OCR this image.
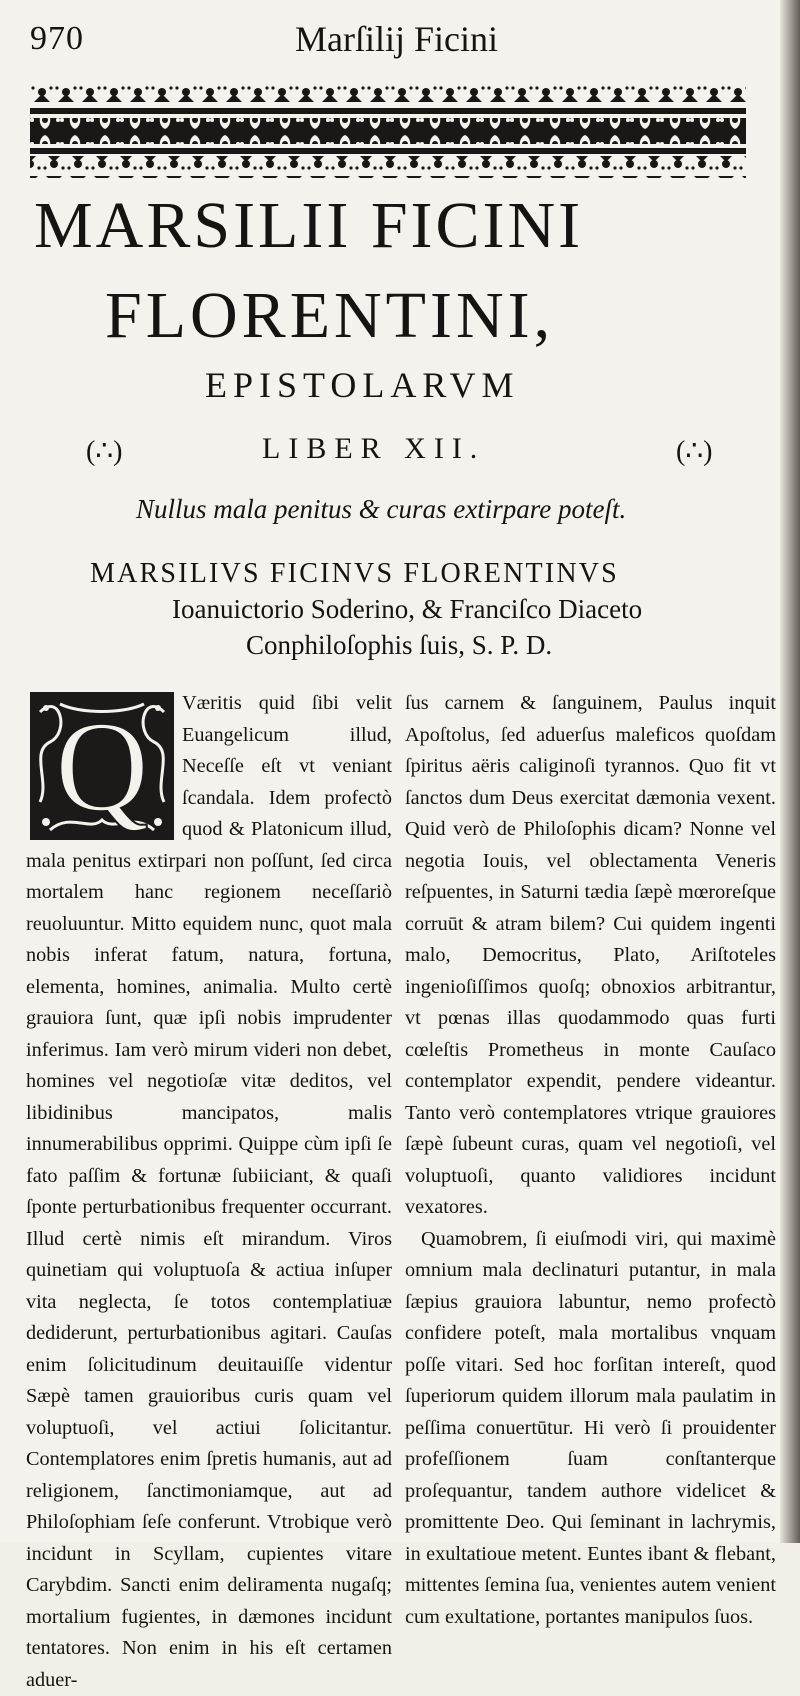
970	Marſilij Ficini
MARSILII FICINI
FLORENTINI,
EPISTOLARVM
(∴)	LIBER XII.	(∴)
Nullus mala penitus & curas extirpare poteſt.
MARSILIVS FICINVS FLORENTINVS
Ioanuictorio Soderino, & Franciſco Diaceto
Conphiloſophis ſuis, S. P. D.
Q	Væritis quid ſibi velit Euangelicum illud, Neceſſe eſt vt veniant ſcandala. Idem profectò quod & Platonicum illud, mala penitus extirpari non poſſunt, ſed circa mortalem hanc regionem neceſſariò reuoluuntur. Mitto equidem nunc, quot mala nobis inferat fatum, natura, fortuna, elementa, homines, animalia. Multo certè grauiora ſunt, quæ ipſi nobis imprudenter inferimus. Iam verò mirum videri non debet, homines vel negotioſæ vitæ deditos, vel libidinibus mancipatos, malis innumerabilibus opprimi. Quippe cùm ipſi ſe fato paſſim & fortunæ ſubiiciant, & quaſi ſponte perturbationibus frequenter occurrant. Illud certè nimis eſt mirandum. Viros quinetiam qui voluptuoſa & actiua inſuper vita neglecta, ſe totos contemplatiuæ dediderunt, perturbationibus agitari. Cauſas enim ſolicitudinum deuitauiſſe videntur Sæpè tamen grauioribus curis quam vel voluptuoſi, vel actiui ſolicitantur. Contemplatores enim ſpretis humanis, aut ad religionem, ſanctimoniamque, aut ad Philoſophiam ſeſe conferunt. Vtrobique verò incidunt in Scyllam, cupientes vitare Carybdim. Sancti enim deliramenta nugaſq; mortalium fugientes, in dæmones incidunt tentatores. Non enim in his eſt certamen aduer-

ſus carnem & ſanguinem, Paulus inquit Apoſtolus, ſed aduerſus maleficos quoſdam ſpiritus aëris caliginoſi tyrannos. Quo fit vt ſanctos dum Deus exercitat dæmonia vexent. Quid verò de Philoſophis dicam? Nonne vel negotia Iouis, vel oblectamenta Veneris reſpuentes, in Saturni tædia ſæpè mœroreſque corruūt & atram bilem? Cui quidem ingenti malo, Democritus, Plato, Ariſtoteles ingenioſiſſimos quoſq; obnoxios arbitrantur, vt pœnas illas quodammodo quas furti cœleſtis Prometheus in monte Cauſaco contemplator expendit, pendere videantur. Tanto verò contemplatores vtrique grauiores ſæpè ſubeunt curas, quam vel negotioſi, vel voluptuoſi, quanto validiores incidunt vexatores.

Quamobrem, ſi eiuſmodi viri, qui maximè omnium mala declinaturi putantur, in mala ſæpius grauiora labuntur, nemo profectò confidere poteſt, mala mortalibus vnquam poſſe vitari. Sed hoc forſitan intereſt, quod ſuperiorum quidem illorum mala paulatim in peſſima conuertūtur. Hi verò ſi prouidenter profeſſionem ſuam conſtanterque proſequantur, tandem authore videlicet & promittente Deo. Qui ſeminant in lachrymis, in exultatioue metent. Euntes ibant & flebant, mittentes ſemina ſua, venientes autem venient cum exultatione, portantes manipulos ſuos.
